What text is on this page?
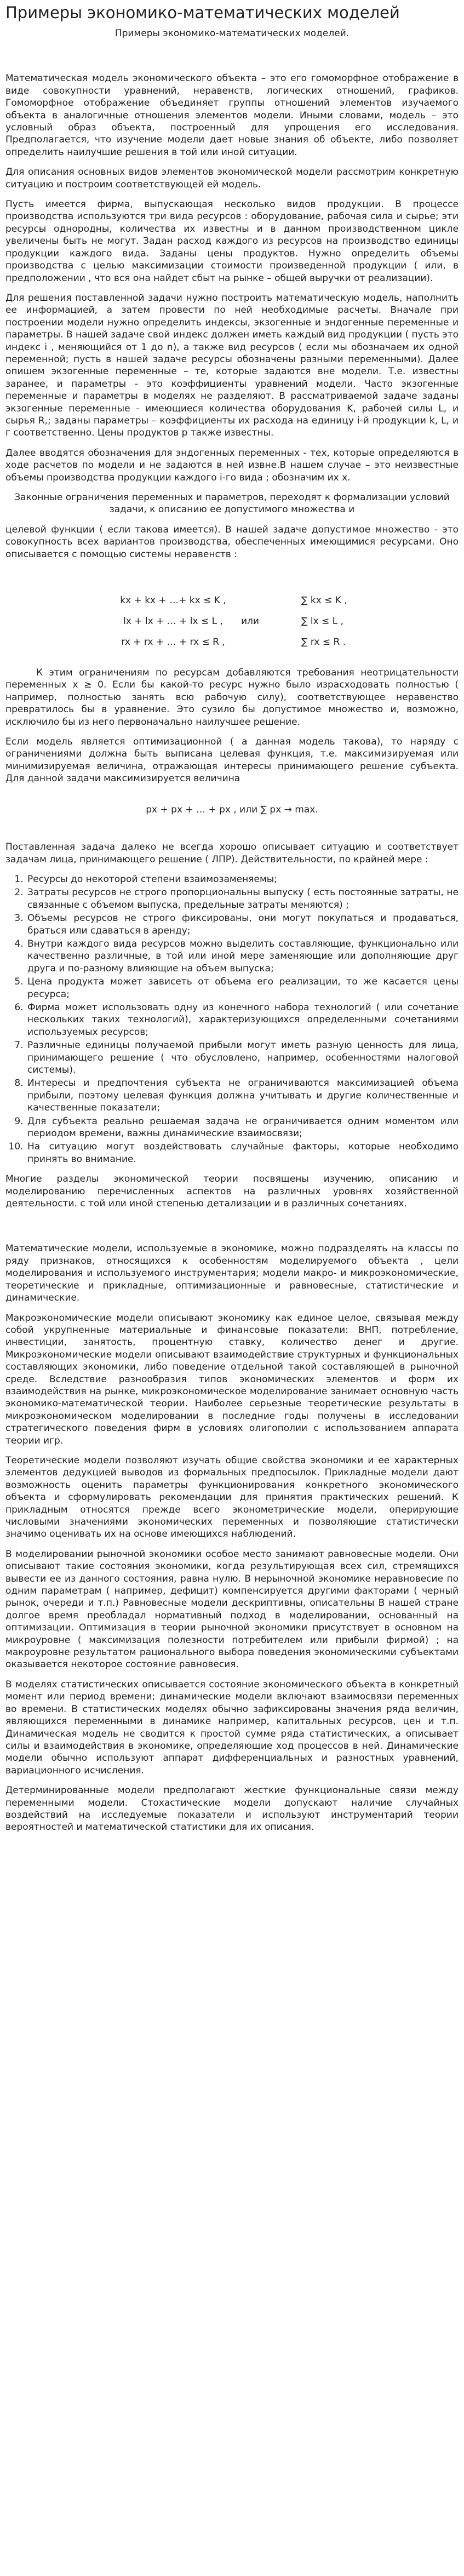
Примеры экономико-математических моделей
Примеры экономико-математических моделей.

Математическая модель экономического объекта – это его гомоморфное отображение в виде совокупности уравнений, неравенств, логических отношений, графиков. Гомоморфное отображение объединяет группы отношений элементов изучаемого объекта в аналогичные отношения элементов модели. Иными словами, модель – это условный образ объекта, построенный для упрощения его исследования. Предполагается, что изучение модели дает новые знания об объекте, либо позволяет определить наилучшие решения в той или иной ситуации.

Для описания основных видов элементов экономической модели рассмотрим конкретную ситуацию и построим соответствующей ей модель.

Пусть имеется фирма, выпускающая несколько видов продукции. В процессе производства используются три вида ресурсов : оборудование, рабочая сила и сырье; эти ресурсы однородны, количества их известны и в данном производственном цикле увеличены быть не могут. Задан расход каждого из ресурсов на производство единицы продукции каждого вида. Заданы цены продуктов. Нужно определить объемы производства с целью максимизации стоимости произведенной продукции ( или, в предположении , что вся она найдет сбыт на рынке – общей выручки от реализации).

Для решения поставленной задачи нужно построить математическую модель, наполнить ее информацией, а затем провести по ней необходимые расчеты. Вначале при построении модели нужно определить индексы, экзогенные и эндогенные переменные и параметры. В нашей задаче свой индекс должен иметь каждый вид продукции ( пусть это индекс i , меняющийся от 1 до n), а также вид ресурсов ( если мы обозначаем их одной переменной; пусть в нашей задаче ресурсы обозначены разными переменными). Далее опишем экзогенные переменные – те, которые задаются вне модели. Т.е. известны заранее, и параметры - это коэффициенты уравнений модели. Часто экзогенные переменные и параметры в моделях не разделяют. В рассматриваемой задаче заданы экзогенные переменные - имеющиеся количества оборудования K, рабочей силы L, и сырья R,; заданы параметры – коэффициенты их расхода на единицу i-й продукции k, L, и г соответственно. Цены продуктов р также известны.

Далее вводятся обозначения для эндогенных переменных - тех, которые определяются в ходе расчетов по модели и не задаются в ней извне.В нашем случае – это неизвестные объемы производства продукции каждого i-го вида ; обозначим их x.

Законные ограничения переменных и параметров, переходят к формализации условий задачи, к описанию ее допустимого множества и

целевой функции ( если такова имеется). В нашей задаче допустимое множество - это совокупность всех вариантов производства, обеспеченных имеющимися ресурсами. Оно описывается с помощью системы неравенств :

kx + kx + …+ kx ≤ K ,
lx + lx + … + lx ≤ L ,
rx + rx + … + rx ≤ R ,
или
∑ kx ≤ K ,
∑ lx ≤ L ,
∑ rx ≤ R .

К этим ограничениям по ресурсам добавляются требования неотрицательности переменных x ≥ 0. Если бы какой-то ресурс нужно было израсходовать полностью ( например, полностью занять всю рабочую силу), соответствующее неравенство превратилось бы в уравнение. Это сузило бы допустимое множество и, возможно, исключило бы из него первоначально наилучшее решение.

Если модель является оптимизационной ( а данная модель такова), то наряду с ограничениями должна быть выписана целевая функция, т.е. максимизируемая или минимизируемая величина, отражающая интересы принимающего решение субъекта. Для данной задачи максимизируется величина

px + px + … + px , или ∑ px → max.

Поставленная задача далеко не всегда хорошо описывает ситуацию и соответствует задачам лица, принимающего решение ( ЛПР). Действительности, по крайней мере :

1. Ресурсы до некоторой степени взаимозаменяемы;
2. Затраты ресурсов не строго пропорциональны выпуску ( есть постоянные затраты, не связанные с объемом выпуска, предельные затраты меняются) ;
3. Объемы ресурсов не строго фиксированы, они могут покупаться и продаваться, браться или сдаваться в аренду;
4. Внутри каждого вида ресурсов можно выделить составляющие, функционально или качественно различные, в той или иной мере заменяющие или дополняющие друг друга и по-разному влияющие на объем выпуска;
5. Цена продукта может зависеть от объема его реализации, то же касается цены ресурса;
6. Фирма может использовать одну из конечного набора технологий ( или сочетание нескольких таких технологий), характеризующихся определенными сочетаниями используемых ресурсов;
7. Различные единицы получаемой прибыли могут иметь разную ценность для лица, принимающего решение ( что обусловлено, например, особенностями налоговой системы).
8. Интересы и предпочтения субъекта не ограничиваются максимизацией объема прибыли, поэтому целевая функция должна учитывать и другие количественные и качественные показатели;
9. Для субъекта реально решаемая задача не ограничивается одним моментом или периодом времени, важны динамические взаимосвязи;
10. На ситуацию могут воздействовать случайные факторы, которые необходимо принять во внимание.

Многие разделы экономической теории посвящены изучению, описанию и моделированию перечисленных аспектов на различных уровнях хозяйственной деятельности. с той или иной степенью детализации и в различных сочетаниях.

Математические модели, используемые в экономике, можно подразделять на классы по ряду признаков, относящихся к особенностям моделируемого объекта , цели моделирования и используемого инструментария; модели макро- и микроэкономические, теоретические и прикладные, оптимизационные и равновесные, статистические и динамические.

Макроэкономические модели описывают экономику как единое целое, связывая между собой укрупненные материальные и финансовые показатели: ВНП, потребление, инвестиции, занятость, процентную ставку, количество денег и другие. Микроэкономические модели описывают взаимодействие структурных и функциональных составляющих экономики, либо поведение отдельной такой составляющей в рыночной среде. Вследствие разнообразия типов экономических элементов и форм их взаимодействия на рынке, микроэкономическое моделирование занимает основную часть экономико-математической теории. Наиболее серьезные теоретические результаты в микроэкономическом моделировании в последние годы получены в исследовании стратегического поведения фирм в условиях олигополии с использованием аппарата теории игр.

Теоретические модели позволяют изучать общие свойства экономики и ее характерных элементов дедукцией выводов из формальных предпосылок. Прикладные модели дают возможность оценить параметры функционирования конкретного экономического объекта и сформулировать рекомендации для принятия практических решений. К прикладным относятся прежде всего эконометрические модели, оперирующие числовыми значениями экономических переменных и позволяющие статистически значимо оценивать их на основе имеющихся наблюдений.

В моделировании рыночной экономики особое место занимают равновесные модели. Они описывают такие состояния экономики, когда результирующая всех сил, стремящихся вывести ее из данного состояния, равна нулю. В нерыночной экономике неравновесие по одним параметрам ( например, дефицит) компенсируется другими факторами ( черный рынок, очереди и т.п.) Равновесные модели дескриптивны, описательны В нашей стране долгое время преобладал нормативный подход в моделировании, основанный на оптимизации. Оптимизация в теории рыночной экономики присутствует в основном на микроуровне ( максимизация полезности потребителем или прибыли фирмой) ; на макроуровне результатом рационального выбора поведения экономическими субъектами оказывается некоторое состояние равновесия.

В моделях статистических описывается состояние экономического объекта в конкретный момент или период времени; динамические модели включают взаимосвязи переменных во времени. В статистических моделях обычно зафиксированы значения ряда величин, являющихся переменными в динамике например, капитальных ресурсов, цен и т.п. Динамическая модель не сводится к простой сумме ряда статистических, а описывает силы и взаимодействия в экономике, определяющие ход процессов в ней. Динамические модели обычно используют аппарат дифференциальных и разностных уравнений, вариационного исчисления.

Детерминированные модели предполагают жесткие функциональные связи между переменными модели. Стохастические модели допускают наличие случайных воздействий на исследуемые показатели и используют инструментарий теории вероятностей и математической статистики для их описания.
